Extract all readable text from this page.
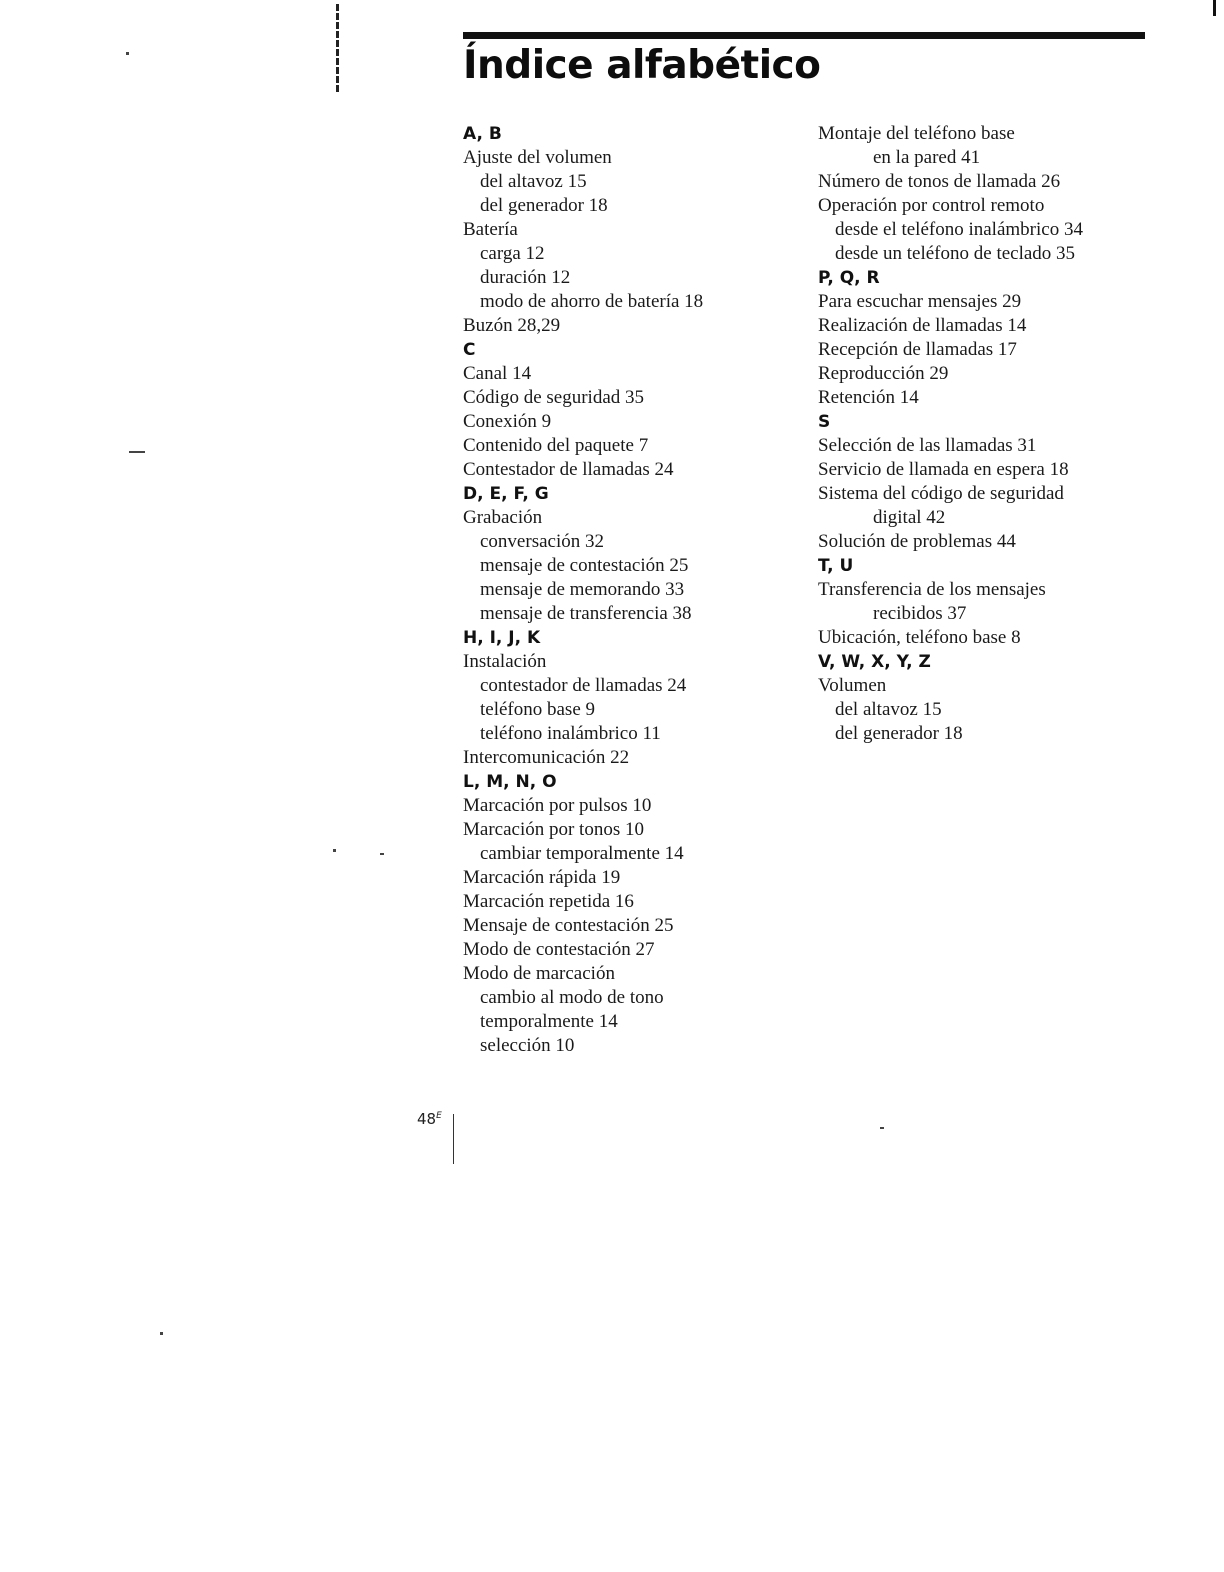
Índice alfabético
A, B
Ajuste del volumen
del altavoz 15
del generador 18
Batería
carga 12
duración 12
modo de ahorro de batería 18
Buzón 28,29
C
Canal 14
Código de seguridad 35
Conexión 9
Contenido del paquete 7
Contestador de llamadas 24
D, E, F, G
Grabación
conversación 32
mensaje de contestación 25
mensaje de memorando 33
mensaje de transferencia 38
H, I, J, K
Instalación
contestador de llamadas 24
teléfono base 9
teléfono inalámbrico 11
Intercomunicación 22
L, M, N, O
Marcación por pulsos 10
Marcación por tonos 10
cambiar temporalmente 14
Marcación rápida 19
Marcación repetida 16
Mensaje de contestación 25
Modo de contestación 27
Modo de marcación
cambio al modo de tono
temporalmente 14
selección 10
Montaje del teléfono base
en la pared 41
Número de tonos de llamada 26
Operación por control remoto
desde el teléfono inalámbrico 34
desde un teléfono de teclado 35
P, Q, R
Para escuchar mensajes 29
Realización de llamadas 14
Recepción de llamadas 17
Reproducción 29
Retención 14
S
Selección de las llamadas 31
Servicio de llamada en espera 18
Sistema del código de seguridad
digital 42
Solución de problemas 44
T, U
Transferencia de los mensajes
recibidos 37
Ubicación, teléfono base 8
V, W, X, Y, Z
Volumen
del altavoz 15
del generador 18
$48^E$
